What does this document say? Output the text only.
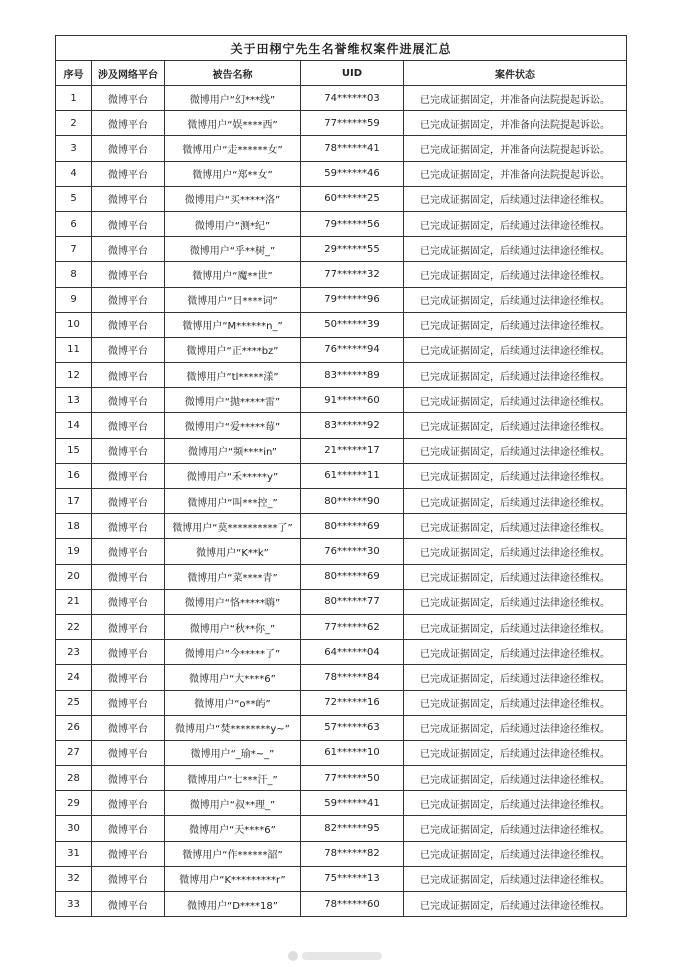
关于田栩宁先生名誉维权案件进展汇总				
序号	涉及网络平台	被告名称	UID	案件状态
1	微博平台	微博用户“幻***线”	74******03	已完成证据固定，并准备向法院提起诉讼。
2	微博平台	微博用户“娱****西”	77******59	已完成证据固定，并准备向法院提起诉讼。
3	微博平台	微博用户“走******女”	78******41	已完成证据固定，并准备向法院提起诉讼。
4	微博平台	微博用户“郑**女”	59******46	已完成证据固定，并准备向法院提起诉讼。
5	微博平台	微博用户“买*****洛”	60******25	已完成证据固定，后续通过法律途径维权。
6	微博平台	微博用户“测*纪”	79******56	已完成证据固定，后续通过法律途径维权。
7	微博平台	微博用户“乎**树_”	29******55	已完成证据固定，后续通过法律途径维权。
8	微博平台	微博用户“魔**世”	77******32	已完成证据固定，后续通过法律途径维权。
9	微博平台	微博用户“日****词”	79******96	已完成证据固定，后续通过法律途径维权。
10	微博平台	微博用户“M******n_”	50******39	已完成证据固定，后续通过法律途径维权。
11	微博平台	微博用户“正****bz”	76******94	已完成证据固定，后续通过法律途径维权。
12	微博平台	微博用户“tl*****漾”	83******89	已完成证据固定，后续通过法律途径维权。
13	微博平台	微博用户“抛*****雷”	91******60	已完成证据固定，后续通过法律途径维权。
14	微博平台	微博用户“爱*****莓”	83******92	已完成证据固定，后续通过法律途径维权。
15	微博平台	微博用户“频****in”	21******17	已完成证据固定，后续通过法律途径维权。
16	微博平台	微博用户“禾*****y”	61******11	已完成证据固定，后续通过法律途径维权。
17	微博平台	微博用户“叫***控_”	80******90	已完成证据固定，后续通过法律途径维权。
18	微博平台	微博用户“莫**********了”	80******69	已完成证据固定，后续通过法律途径维权。
19	微博平台	微博用户“K**k”	76******30	已完成证据固定，后续通过法律途径维权。
20	微博平台	微博用户“菜****青”	80******69	已完成证据固定，后续通过法律途径维权。
21	微博平台	微博用户“恪*****嗨”	80******77	已完成证据固定，后续通过法律途径维权。
22	微博平台	微博用户“秋**你_”	77******62	已完成证据固定，后续通过法律途径维权。
23	微博平台	微博用户“今*****了”	64******04	已完成证据固定，后续通过法律途径维权。
24	微博平台	微博用户“大****6”	78******84	已完成证据固定，后续通过法律途径维权。
25	微博平台	微博用户“o**屿”	72******16	已完成证据固定，后续通过法律途径维权。
26	微博平台	微博用户“焚********y~”	57******63	已完成证据固定，后续通过法律途径维权。
27	微博平台	微博用户“_瑜*~_”	61******10	已完成证据固定，后续通过法律途径维权。
28	微博平台	微博用户“七***汗_”	77******50	已完成证据固定，后续通过法律途径维权。
29	微博平台	微博用户“叔**理_”	59******41	已完成证据固定，后续通过法律途径维权。
30	微博平台	微博用户“天****6”	82******95	已完成证据固定，后续通过法律途径维权。
31	微博平台	微博用户“作******韶”	78******82	已完成证据固定，后续通过法律途径维权。
32	微博平台	微博用户“K*********r”	75******13	已完成证据固定，后续通过法律途径维权。
33	微博平台	微博用户“D****18”	78******60	已完成证据固定，后续通过法律途径维权。
